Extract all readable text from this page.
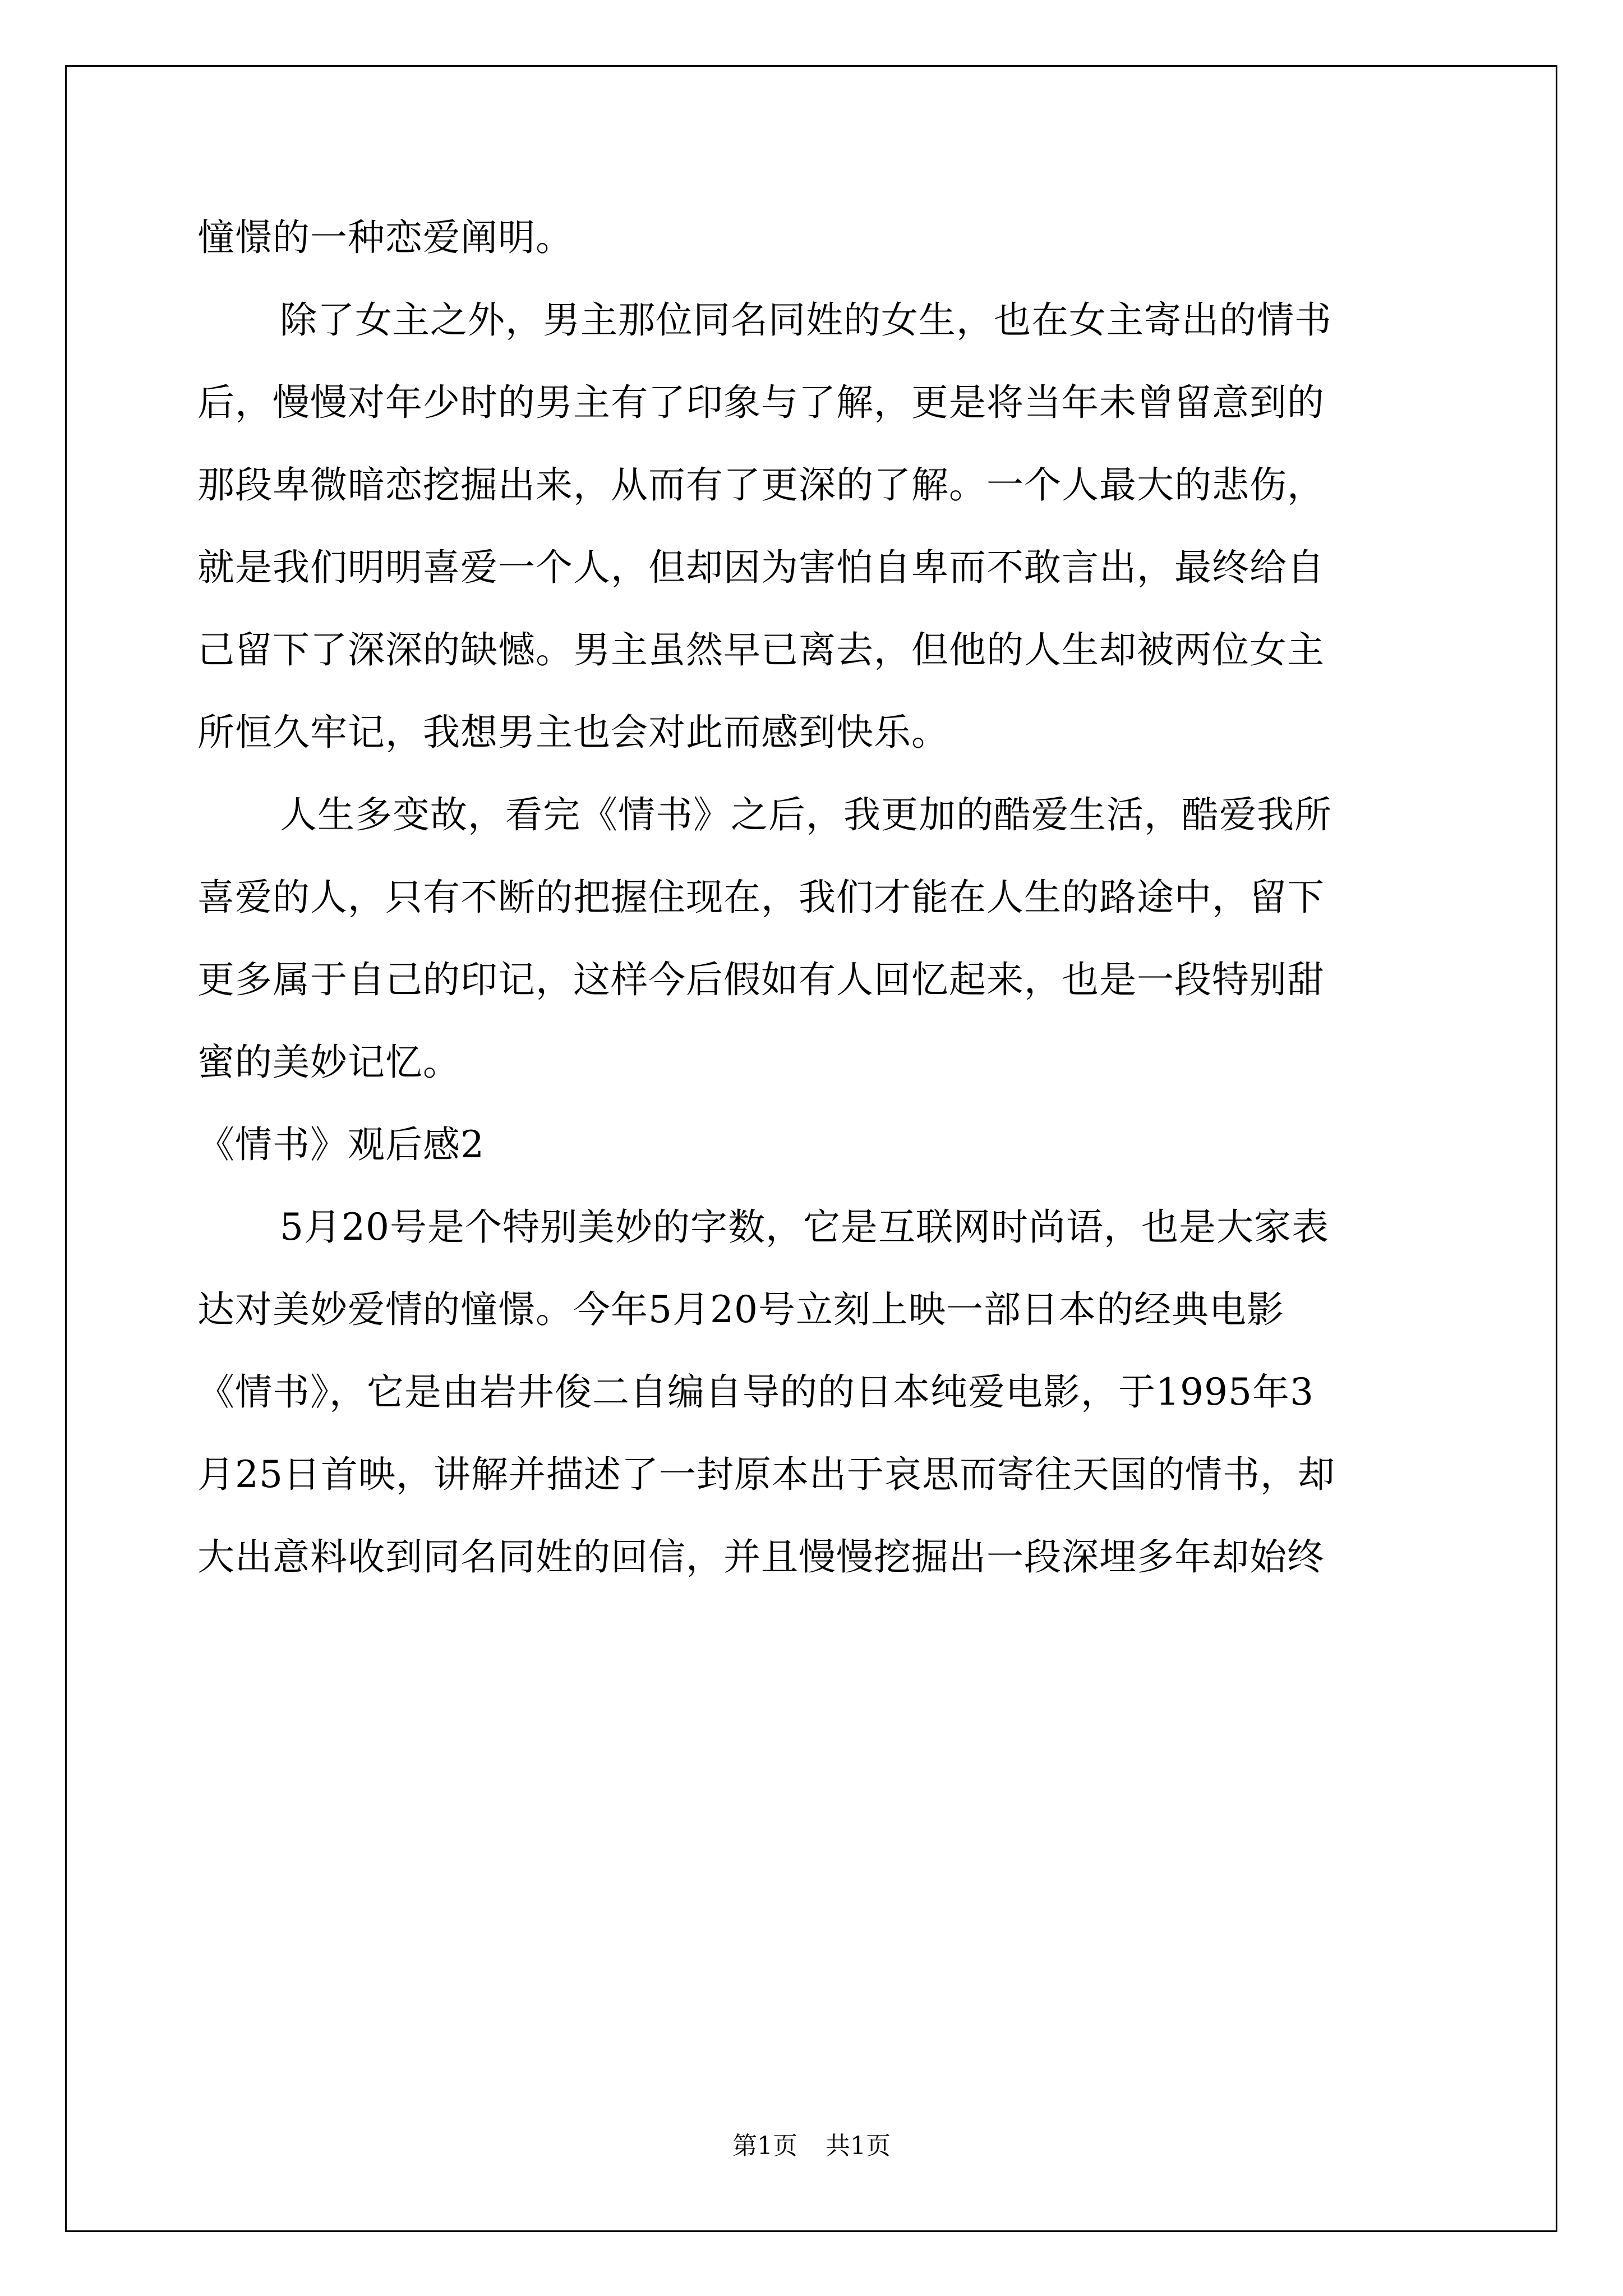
憧憬的一种恋爱阐明。
除了女主之外，男主那位同名同姓的女生，也在女主寄出的情书
后，慢慢对年少时的男主有了印象与了解，更是将当年未曾留意到的
那段卑微暗恋挖掘出来，从而有了更深的了解。一个人最大的悲伤，
就是我们明明喜爱一个人，但却因为害怕自卑而不敢言出，最终给自
己留下了深深的缺憾。男主虽然早已离去，但他的人生却被两位女主
所恒久牢记，我想男主也会对此而感到快乐。
人生多变故，看完《情书》之后，我更加的酷爱生活，酷爱我所
喜爱的人，只有不断的把握住现在，我们才能在人生的路途中，留下
更多属于自己的印记，这样今后假如有人回忆起来，也是一段特别甜
蜜的美妙记忆。
《情书》观后感2
5月20号是个特别美妙的字数，它是互联网时尚语，也是大家表
达对美妙爱情的憧憬。今年5月20号立刻上映一部日本的经典电影
《情书》，它是由岩井俊二自编自导的的日本纯爱电影，于1995年3
月25日首映，讲解并描述了一封原本出于哀思而寄往天国的情书，却
大出意料收到同名同姓的回信，并且慢慢挖掘出一段深埋多年却始终
第1页 共1页
